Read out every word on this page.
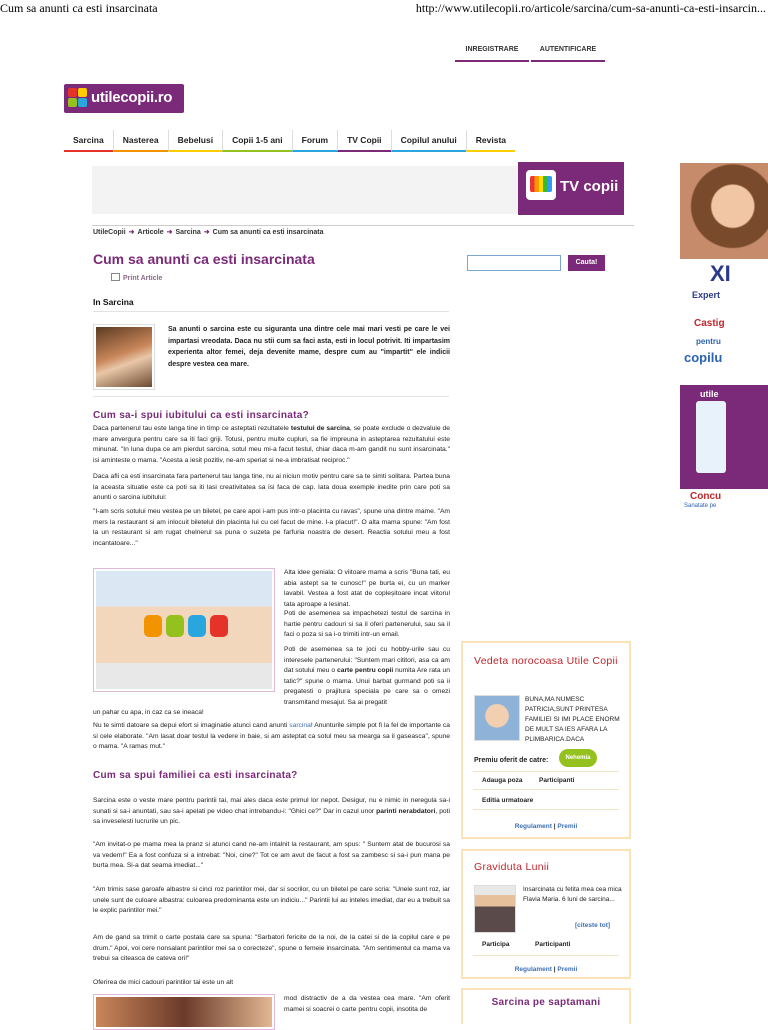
Cum sa anunti ca esti insarcinata	http://www.utilecopii.ro/articole/sarcina/cum-sa-anunti-ca-esti-insarcin...
INREGISTRARE	AUTENTIFICARE
utilecopii.ro
Sarcina	Nasterea	Bebelusi	Copii 1-5 ani	Forum	TV Copii	Copilul anului	Revista
TV copii
XI
Expert
Castig
pentru
copilu
utile
Concu
Sanatate pe
UtileCopii ➜ Articole ➜ Sarcina ➜ Cum sa anunti ca esti insarcinata
Cum sa anunti ca esti insarcinata
Print Article
In Sarcina
Sa anunti o sarcina este cu siguranta una dintre cele mai mari vesti pe care le vei impartasi vreodata. Daca nu stii cum sa faci asta, esti in locul potrivit. Iti impartasim experienta altor femei, deja devenite mame, despre cum au "impartit" ele indicii despre vestea cea mare.
Cum sa-i spui iubitului ca esti insarcinata?

Daca partenerul tau este langa tine in timp ce asteptati rezultatele testului de sarcina, se poate exclude o dezvaluie de mare anvergura pentru care sa iti faci griji. Totusi, pentru multe cupluri, sa fie impreuna in asteptarea rezultatului este minunat. "In luna dupa ce am pierdut sarcina, sotul meu mi-a facut testul, chiar daca m-am gandit nu sunt insarcinata." isi aminteste o mama. "Acesta a iesit pozitiv, ne-am speriat si ne-a imbratisat reciproc."

Daca afli ca esti insarcinata fara partenerul tau langa tine, nu ai niciun motiv pentru care sa te simti solitara. Partea buna la aceasta situatie este ca poti sa iti lasi creativitatea sa isi faca de cap. Iata doua exemple inedite prin care poti sa anunti o sarcina iubitului:

"I-am scris sotului meu vestea pe un biletel, pe care apoi i-am pus intr-o placinta cu ravas", spune una dintre mame. "Am mers la restaurant si am inlocuit biletelul din placinta lui cu cel facut de mine. I-a placut!". O alta mama spune: "Am fost la un restaurant si am rugat chelnerul sa puna o suzeta pe farfuria noastra de desert. Reactia sotului meu a fost incantatoare..."

Alta idee geniala: O viitoare mama a scris "Buna tati, eu abia astept sa te cunosc!" pe burta ei, cu un marker lavabil. Vestea a fost atat de copleșitoare incat viitorul tata aproape a lesinat.

Poti de asemenea sa impachetezi testul de sarcina in hartie pentru cadouri si sa il oferi partenerului, sau sa il faci o poza si sa i-o trimiti intr-un email.

Poti de asemenea sa te joci cu hobby-urile sau cu interesele partenerului: "Suntem mari cititori, asa ca am dat sotului meu o carte pentru copii numita Are rata un tatic?" spune o mama. Unui barbat gurmand poti sa ii pregatesti o prajitura speciala pe care sa o omezi transmitand mesajul. Sa ai pregatit

un pahar cu apa, in caz ca se ineaca!

Nu te simti datoare sa depui efort si imaginatie atunci cand anunti sarcina! Anunturile simple pot fi la fel de importante ca si cele elaborate. "Am lasat doar testul la vedere in baie, si am asteptat ca sotul meu sa mearga sa il gaseasca", spune o mama. "A ramas mut."

Cum sa spui familiei ca esti insarcinata?

Sarcina este o veste mare pentru parintii tai, mai ales daca este primul lor nepot. Desigur, nu e nimic in neregula sa-i sunati si sa-i anuntati, sau sa-i apelati pe video chat intrebandu-i: "Ghici ce?" Dar in cazul unor parinti nerabdatori, poti sa inveselesti lucrurile un pic.

"Am invitat-o pe mama mea la pranz si atunci cand ne-am intalnit la restaurant, am spus: " Suntem atat de bucurosi sa va vedem!" Ea a fost confuza si a intrebat: "Noi, cine?" Tot ce am avut de facut a fost sa zambesc si sa-i pun mana pe burta mea. Si-a dat seama imediat..."

"Am trimis sase garoafe albastre si cinci roz parintilor mei, dar si socrilor, cu un biletel pe care scria: "Unele sunt roz, iar unele sunt de culoare albastra: culoarea predominanta este un indiciu..." Parintii lui au inteles imediat, dar eu a trebuit sa le explic parintilor mei."

Am de gand sa trimit o carte postala care sa spuna: "Sarbatori fericite de la noi, de la catei si de la copilul care e pe drum." Apoi, voi cere nonsalant parintilor mei sa o corecteze", spune o femeie insarcinata. "Am sentimentul ca mama va trebui sa citeasca de cateva ori!"

Oferirea de mici cadouri parintilor tai este un alt

mod distractiv de a da vestea cea mare. "Am oferit mamei si soacrei o carte pentru copii, insotita de

Cauta!
Vedeta norocoasa Utile Copii
BUNA,MA NUMESC PATRICIA,SUNT PRINTESA FAMILIEI SI IMI PLACE ENORM DE MULT SA IES AFARA LA PLIMBARICA.DACA
Premiu oferit de catre:	Nehemia
Adauga poza	Participanti
Editia urmatoare
Regulament | Premii
Graviduta Lunii
Insarcinata cu fetita mea cea mica Flavia Maria. 6 luni de sarcina...
[citeste tot]
Participa	Participanti
Regulament | Premii
Sarcina pe saptamani
